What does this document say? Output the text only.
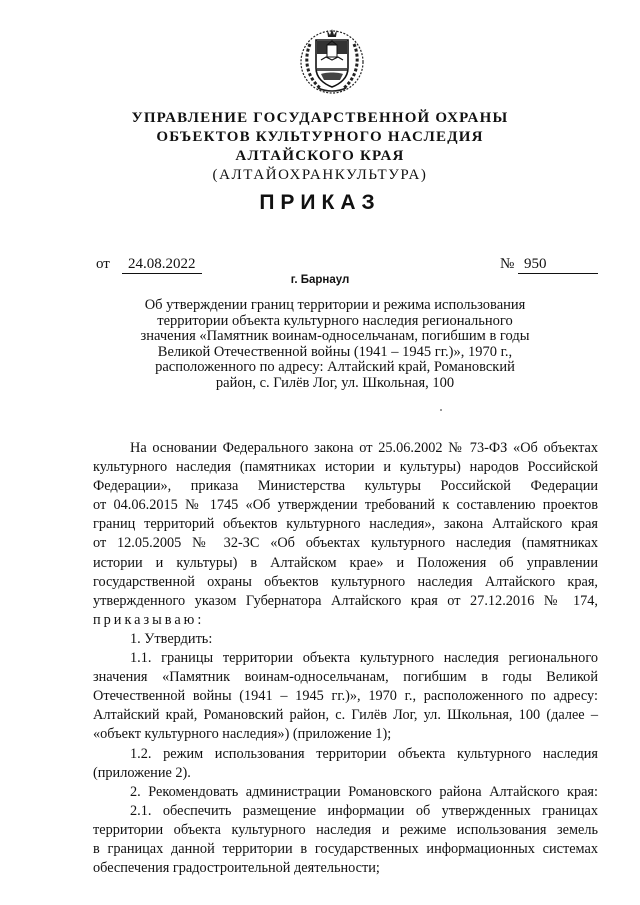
УПРАВЛЕНИЕ ГОСУДАРСТВЕННОЙ ОХРАНЫ
ОБЪЕКТОВ КУЛЬТУРНОГО НАСЛЕДИЯ
АЛТАЙСКОГО КРАЯ
(АЛТАЙОХРАНКУЛЬТУРА)
ПРИКАЗ
от 24.08.2022	№ 950
г. Барнаул
Об утверждении границ территории и режима использования
территории объекта культурного наследия регионального
значения «Памятник воинам-односельчанам, погибшим в годы
Великой Отечественной войны (1941 – 1945 гг.)», 1970 г.,
расположенного по адресу: Алтайский край, Романовский
район, с. Гилёв Лог, ул. Школьная, 100
На основании Федерального закона от 25.06.2002 № 73-ФЗ «Об объектах
культурного наследия (памятниках истории и культуры) народов Российской
Федерации», приказа Министерства культуры Российской Федерации
от 04.06.2015 № 1745 «Об утверждении требований к составлению проектов
границ территорий объектов культурного наследия», закона Алтайского края
от 12.05.2005 № 32-ЗС «Об объектах культурного наследия (памятниках
истории и культуры) в Алтайском крае» и Положения об управлении
государственной охраны объектов культурного наследия Алтайского края,
утвержденного указом Губернатора Алтайского края от 27.12.2016 № 174,
приказываю:
1. Утвердить:
1.1. границы территории объекта культурного наследия регионального
значения «Памятник воинам-односельчанам, погибшим в годы Великой
Отечественной войны (1941 – 1945 гг.)», 1970 г., расположенного по адресу:
Алтайский край, Романовский район, с. Гилёв Лог, ул. Школьная, 100 (далее –
«объект культурного наследия») (приложение 1);
1.2. режим использования территории объекта культурного наследия
(приложение 2).
2. Рекомендовать администрации Романовского района Алтайского края:
2.1. обеспечить размещение информации об утвержденных границах
территории объекта культурного наследия и режиме использования земель
в границах данной территории в государственных информационных системах
обеспечения градостроительной деятельности;
